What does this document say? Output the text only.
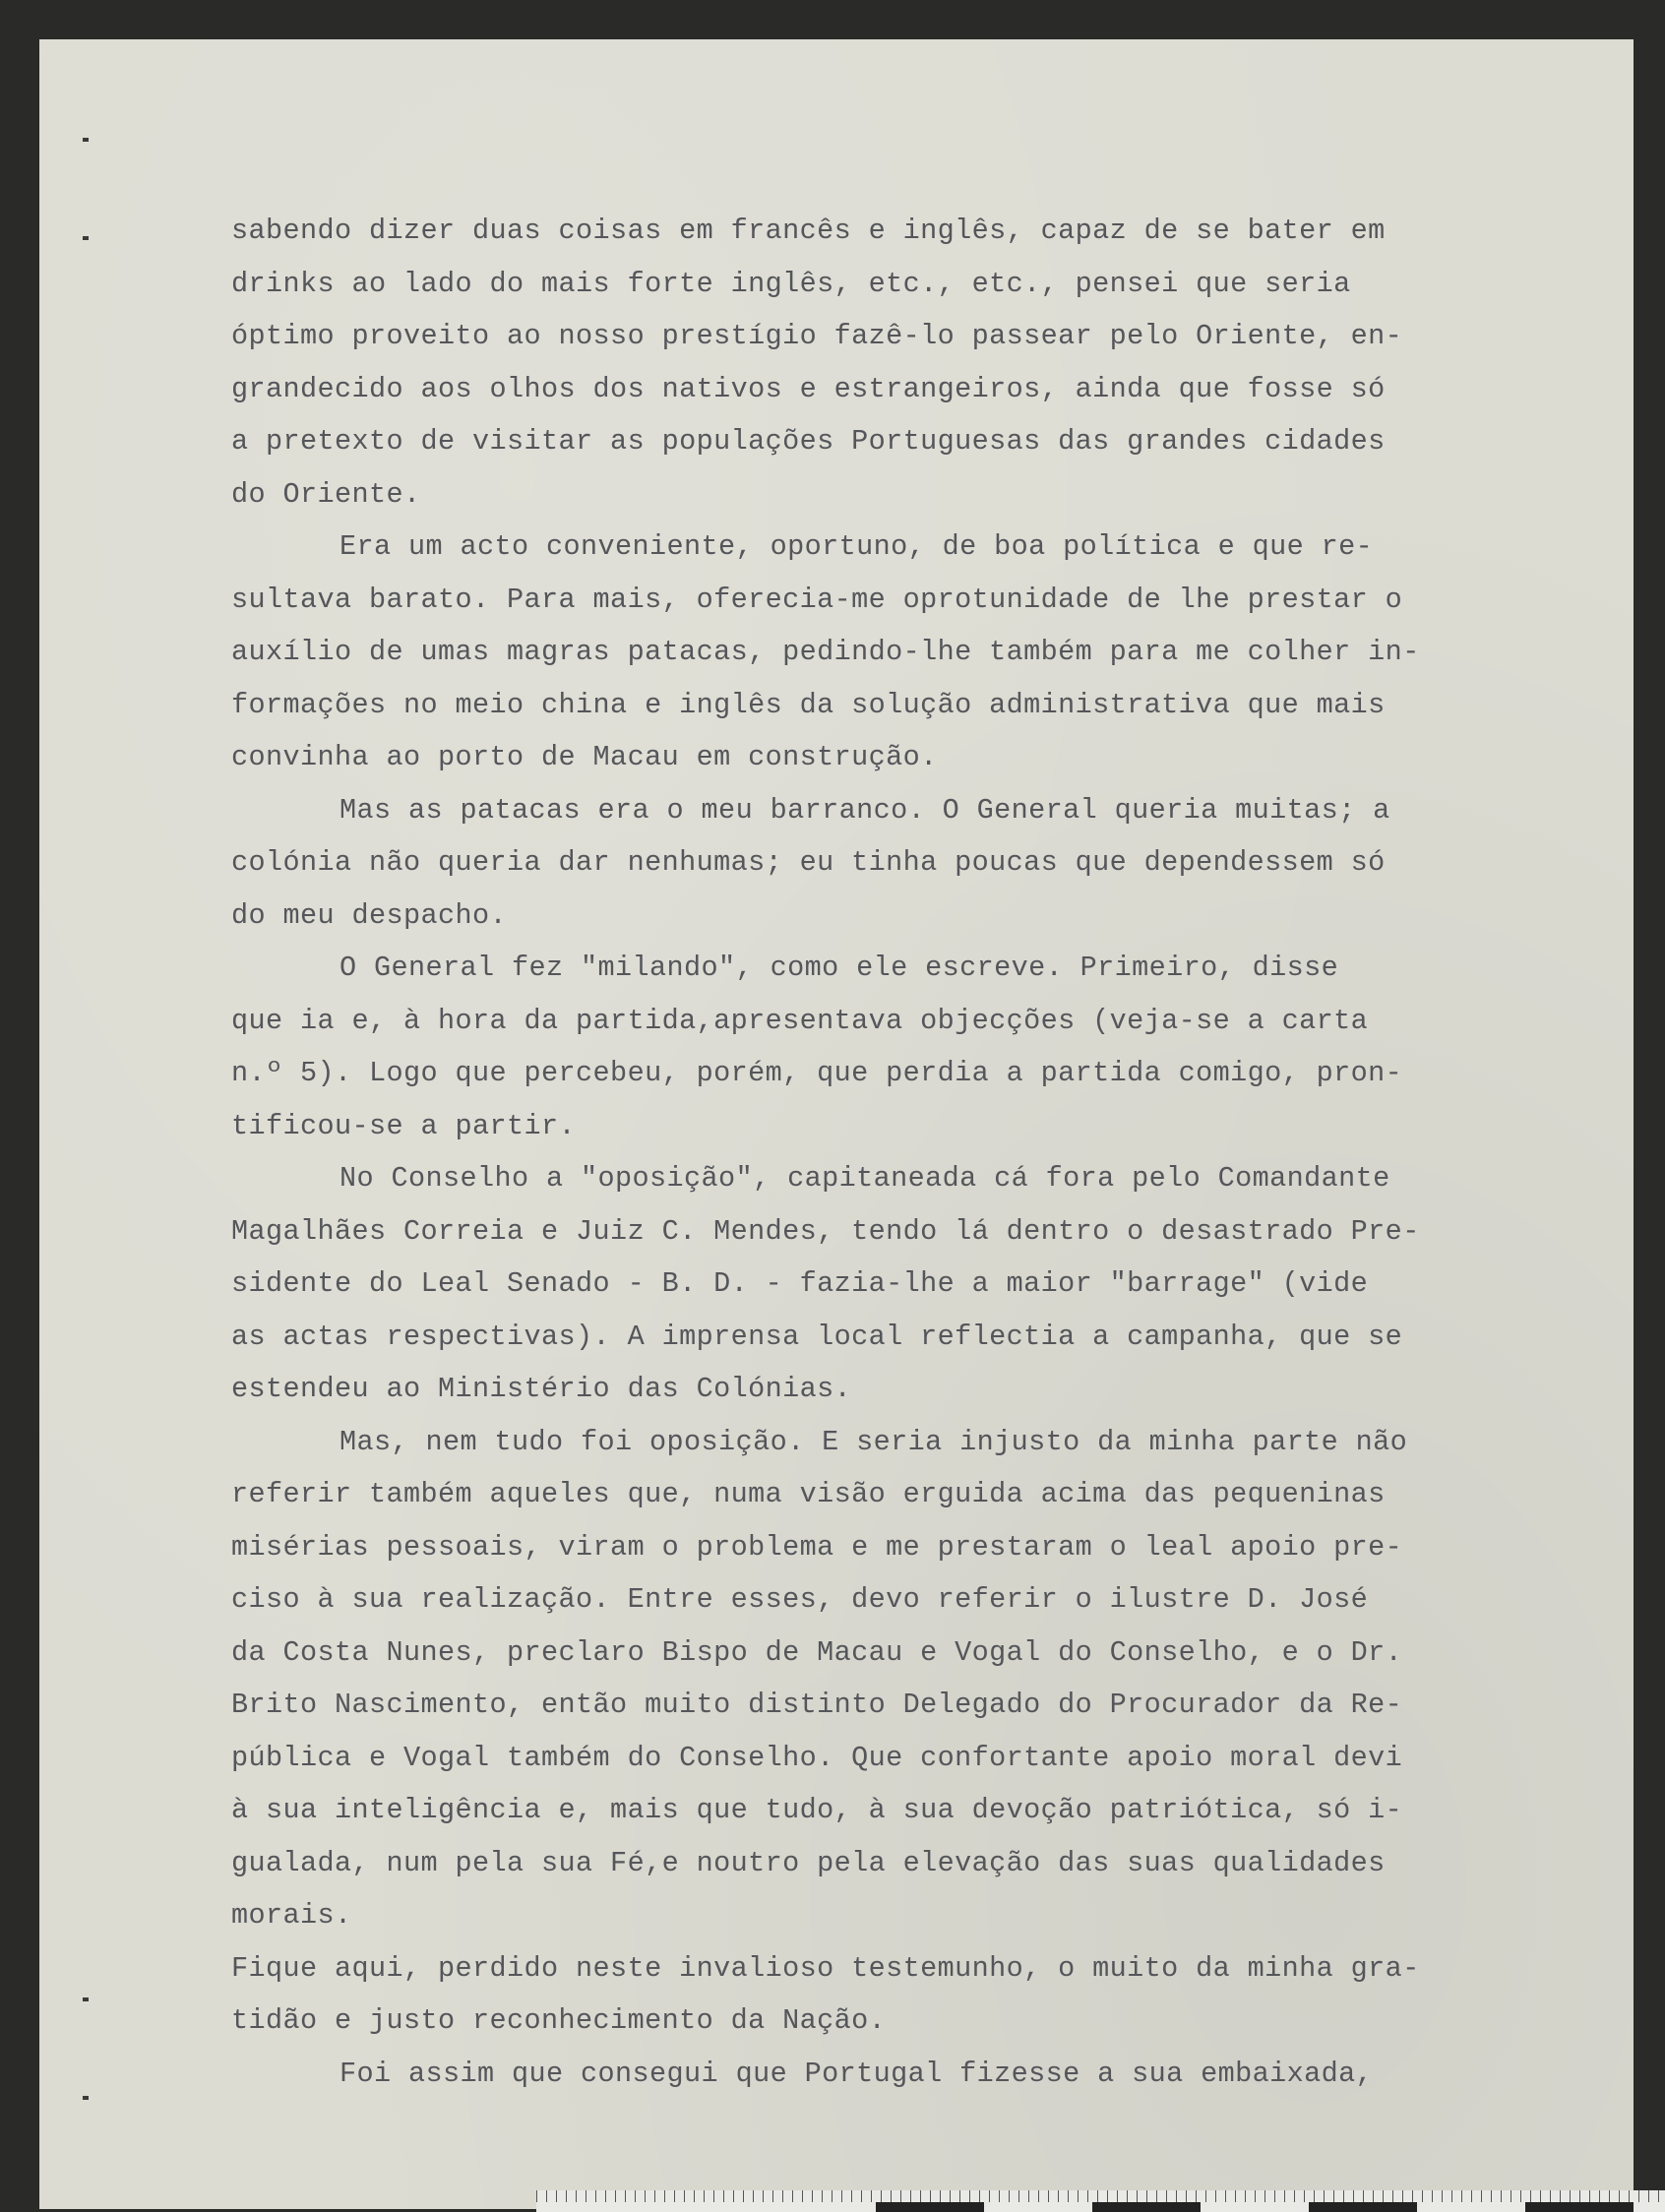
sabendo dizer duas coisas em francês e inglês, capaz de se bater em
drinks ao lado do mais forte inglês, etc., etc., pensei que seria
óptimo proveito ao nosso prestígio fazê-lo passear pelo Oriente, en-
grandecido aos olhos dos nativos e estrangeiros, ainda que fosse só
a pretexto de visitar as populações Portuguesas das grandes cidades
do Oriente.
Era um acto conveniente, oportuno, de boa política e que re-
sultava barato. Para mais, oferecia-me oprotunidade de lhe prestar o
auxílio de umas magras patacas, pedindo-lhe também para me colher in-
formações no meio china e inglês da solução administrativa que mais
convinha ao porto de Macau em construção.
Mas as patacas era o meu barranco. O General queria muitas; a
colónia não queria dar nenhumas; eu tinha poucas que dependessem só
do meu despacho.
O General fez "milando", como ele escreve. Primeiro, disse
que ia e, à hora da partida,apresentava objecções (veja-se a carta
n.º 5). Logo que percebeu, porém, que perdia a partida comigo, pron-
tificou-se a partir.
No Conselho a "oposição", capitaneada cá fora pelo Comandante
Magalhães Correia e Juiz C. Mendes, tendo lá dentro o desastrado Pre-
sidente do Leal Senado - B. D. - fazia-lhe a maior "barrage" (vide
as actas respectivas). A imprensa local reflectia a campanha, que se
estendeu ao Ministério das Colónias.
Mas, nem tudo foi oposição. E seria injusto da minha parte não
referir também aqueles que, numa visão erguida acima das pequeninas
misérias pessoais, viram o problema e me prestaram o leal apoio pre-
ciso à sua realização. Entre esses, devo referir o ilustre D. José
da Costa Nunes, preclaro Bispo de Macau e Vogal do Conselho, e o Dr.
Brito Nascimento, então muito distinto Delegado do Procurador da Re-
pública e Vogal também do Conselho. Que confortante apoio moral devi
à sua inteligência e, mais que tudo, à sua devoção patriótica, só i-
gualada, num pela sua Fé,e noutro pela elevação das suas qualidades
morais.
Fique aqui, perdido neste invalioso testemunho, o muito da minha gra-
tidão e justo reconhecimento da Nação.
Foi assim que consegui que Portugal fizesse a sua embaixada,
